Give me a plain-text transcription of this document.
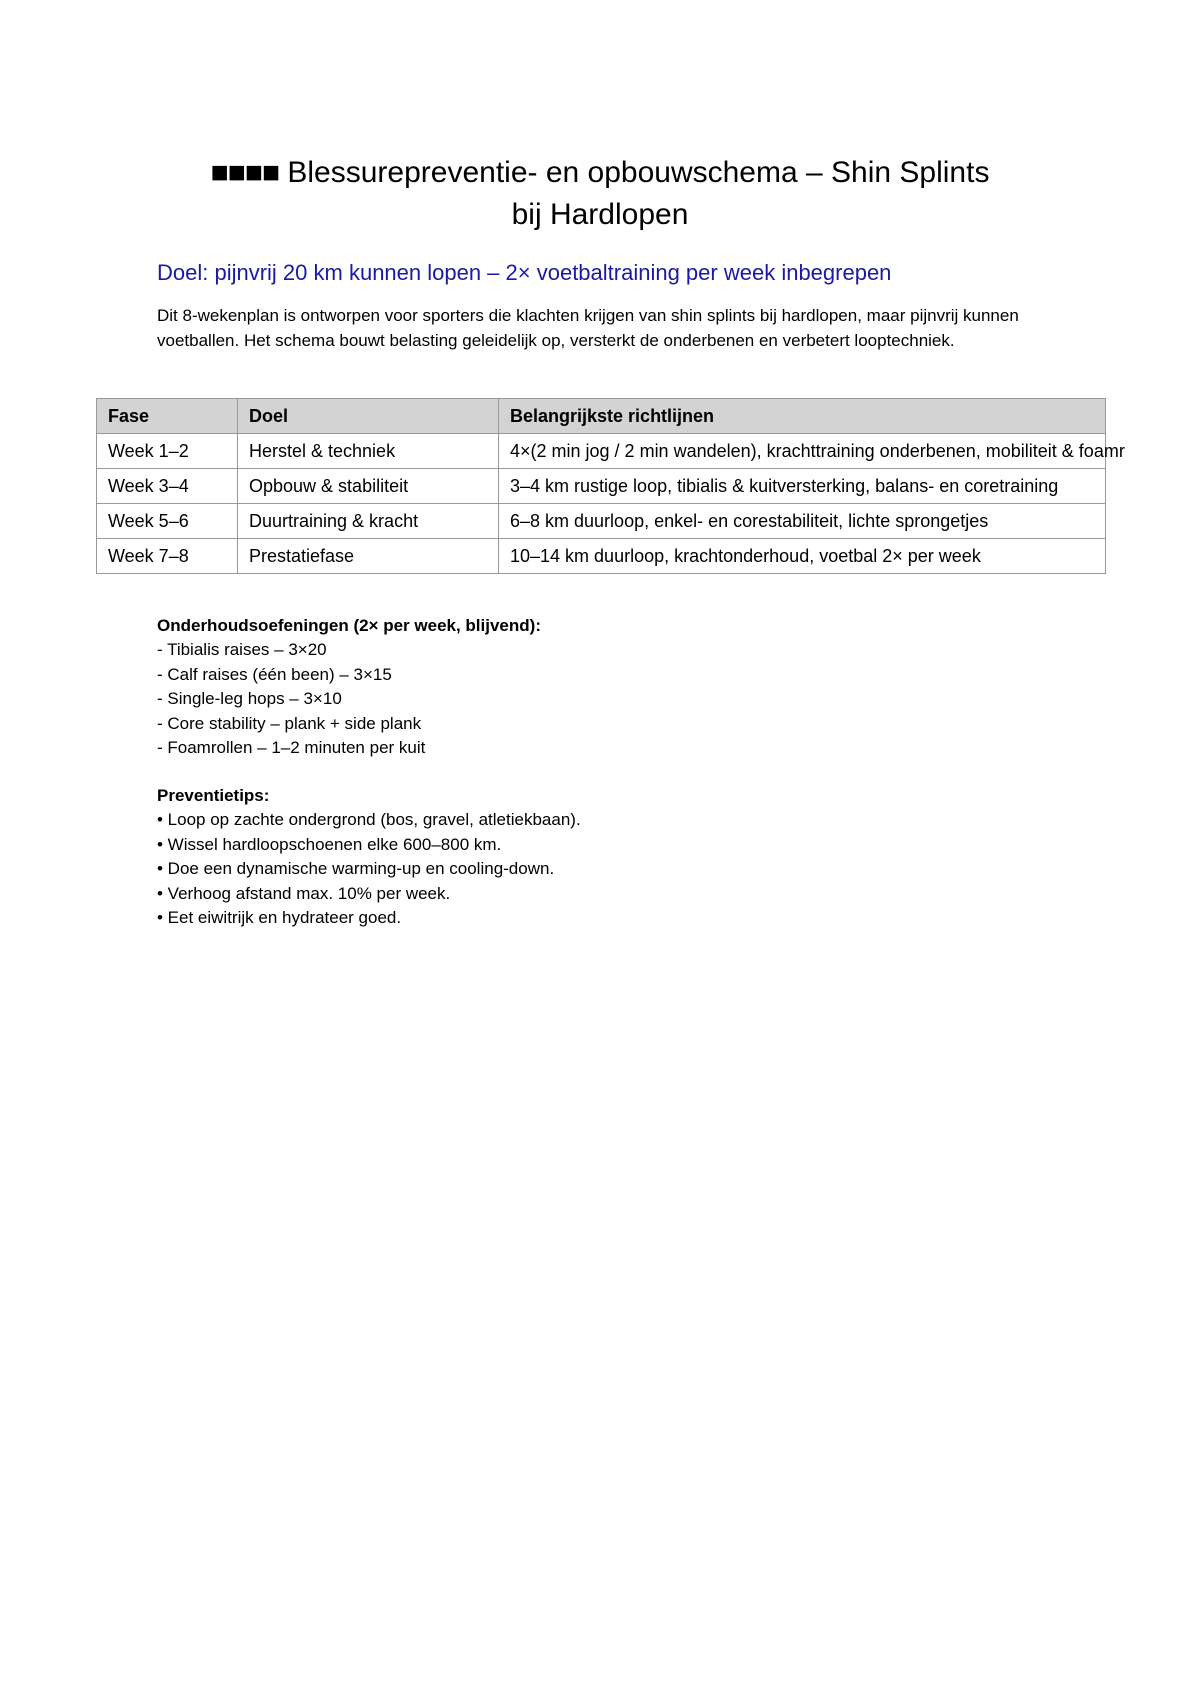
■■■■ Blessurepreventie- en opbouwschema – Shin Splints
bij Hardlopen
Doel: pijnvrij 20 km kunnen lopen – 2× voetbaltraining per week inbegrepen

Dit 8-wekenplan is ontworpen voor sporters die klachten krijgen van shin splints bij hardlopen, maar pijnvrij kunnen voetballen. Het schema bouwt belasting geleidelijk op, versterkt de onderbenen en verbetert looptechniek.

Fase	Doel	Belangrijkste richtlijnen
Week 1–2	Herstel & techniek	4×(2 min jog / 2 min wandelen), krachttraining onderbenen, mobiliteit & foamr
Week 3–4	Opbouw & stabiliteit	3–4 km rustige loop, tibialis & kuitversterking, balans- en coretraining
Week 5–6	Duurtraining & kracht	6–8 km duurloop, enkel- en corestabiliteit, lichte sprongetjes
Week 7–8	Prestatiefase	10–14 km duurloop, krachtonderhoud, voetbal 2× per week
Onderhoudsoefeningen (2× per week, blijvend):
- Tibialis raises – 3×20
- Calf raises (één been) – 3×15
- Single-leg hops – 3×10
- Core stability – plank + side plank
- Foamrollen – 1–2 minuten per kuit
Preventietips:
• Loop op zachte ondergrond (bos, gravel, atletiekbaan).
• Wissel hardloopschoenen elke 600–800 km.
• Doe een dynamische warming-up en cooling-down.
• Verhoog afstand max. 10% per week.
• Eet eiwitrijk en hydrateer goed.
